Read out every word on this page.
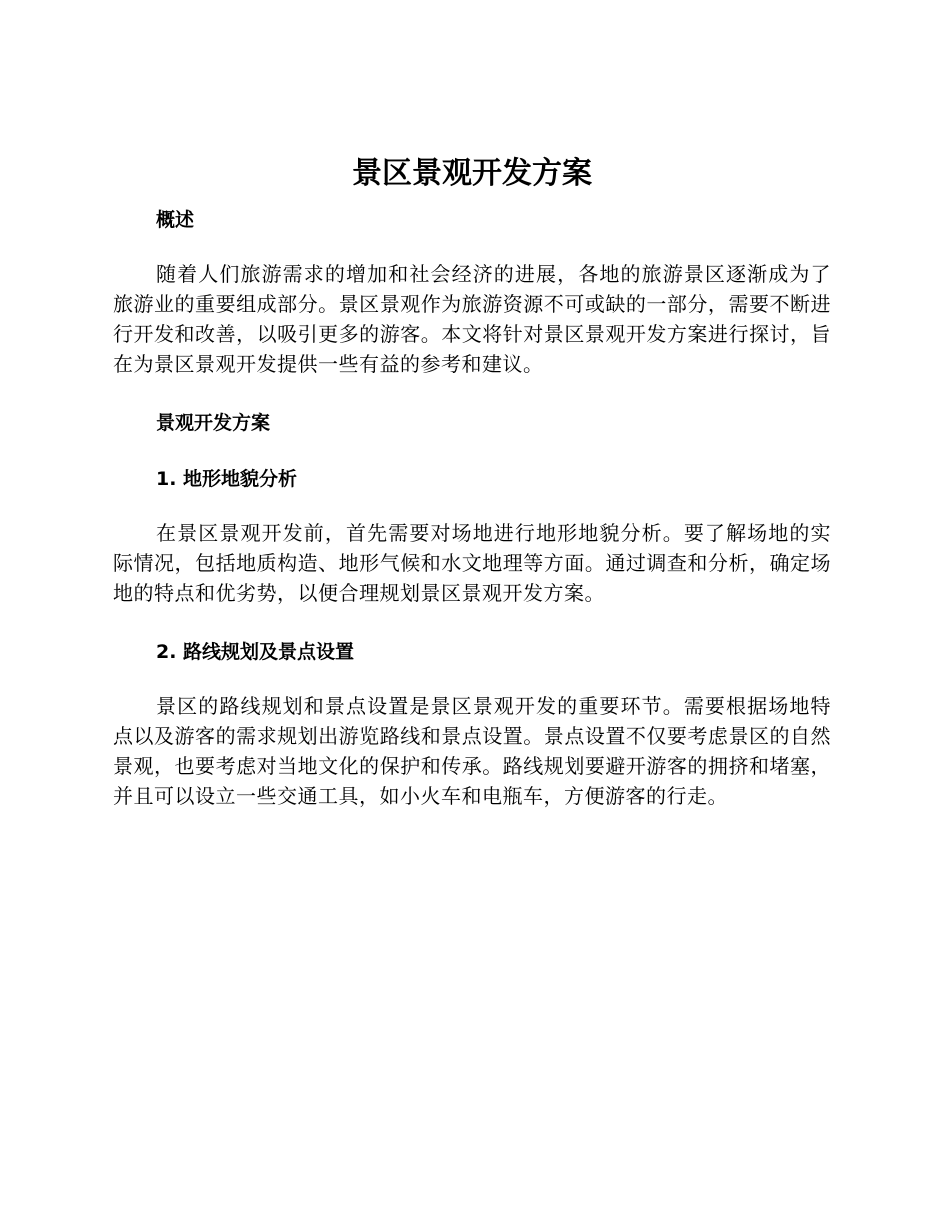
景区景观开发方案
概述

随着人们旅游需求的增加和社会经济的进展，各地的旅游景区逐渐成为了旅游业的重要组成部分。景区景观作为旅游资源不可或缺的一部分，需要不断进行开发和改善，以吸引更多的游客。本文将针对景区景观开发方案进行探讨，旨在为景区景观开发提供一些有益的参考和建议。

景观开发方案
1. 地形地貌分析

在景区景观开发前，首先需要对场地进行地形地貌分析。要了解场地的实际情况，包括地质构造、地形气候和水文地理等方面。通过调查和分析，确定场地的特点和优劣势，以便合理规划景区景观开发方案。

2. 路线规划及景点设置

景区的路线规划和景点设置是景区景观开发的重要环节。需要根据场地特点以及游客的需求规划出游览路线和景点设置。景点设置不仅要考虑景区的自然景观，也要考虑对当地文化的保护和传承。路线规划要避开游客的拥挤和堵塞，并且可以设立一些交通工具，如小火车和电瓶车，方便游客的行走。
